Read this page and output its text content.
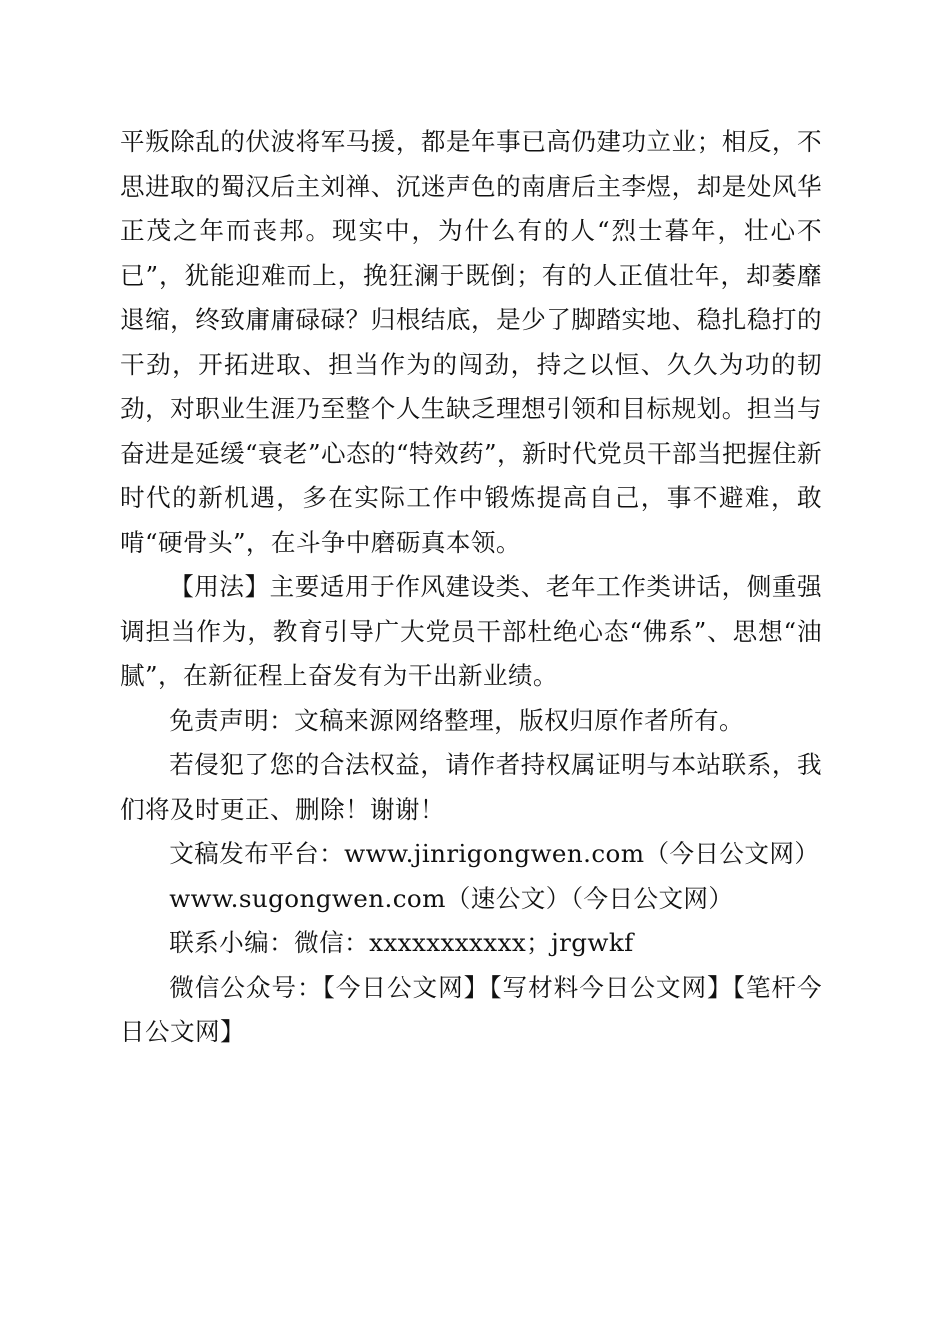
平叛除乱的伏波将军马援，都是年事已高仍建功立业；相反，不思进取的蜀汉后主刘禅、沉迷声色的南唐后主李煜，却是处风华正茂之年而丧邦。现实中，为什么有的人“烈士暮年，壮心不已”，犹能迎难而上，挽狂澜于既倒；有的人正值壮年，却萎靡退缩，终致庸庸碌碌？归根结底，是少了脚踏实地、稳扎稳打的干劲，开拓进取、担当作为的闯劲，持之以恒、久久为功的韧劲，对职业生涯乃至整个人生缺乏理想引领和目标规划。担当与奋进是延缓“衰老”心态的“特效药”，新时代党员干部当把握住新时代的新机遇，多在实际工作中锻炼提高自己，事不避难，敢啃“硬骨头”，在斗争中磨砺真本领。

【用法】主要适用于作风建设类、老年工作类讲话，侧重强调担当作为，教育引导广大党员干部杜绝心态“佛系”、思想“油腻”，在新征程上奋发有为干出新业绩。

免责声明：文稿来源网络整理，版权归原作者所有。

若侵犯了您的合法权益，请作者持权属证明与本站联系，我们将及时更正、删除！谢谢！

文稿发布平台：www.jinrigongwen.com（今日公文网）

www.sugongwen.com（速公文）（今日公文网）

联系小编：微信：xxxxxxxxxxx；jrgwkf

微信公众号：【今日公文网】【写材料今日公文网】【笔杆今日公文网】
